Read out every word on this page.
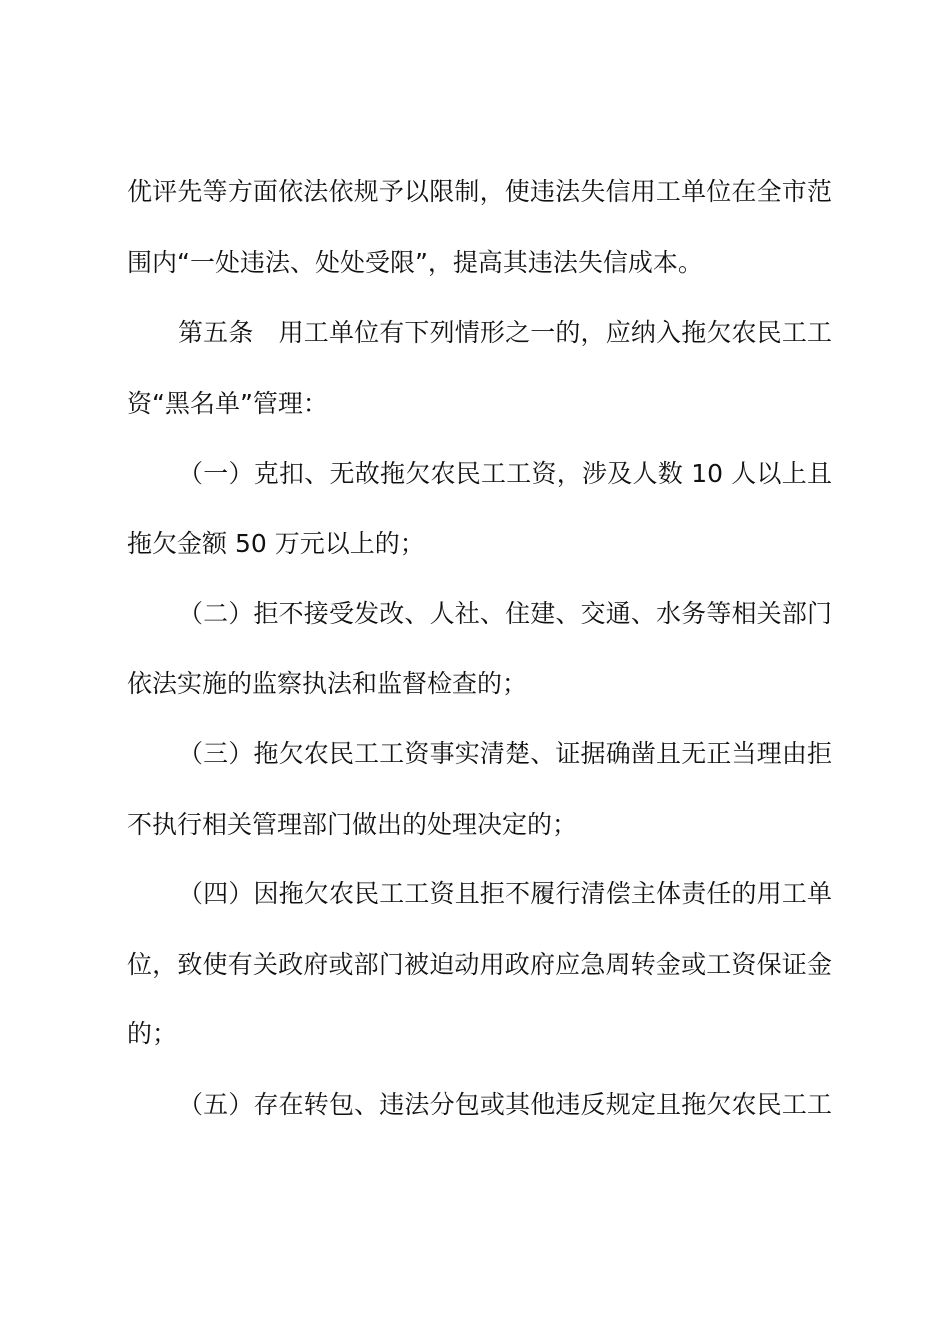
优评先等方面依法依规予以限制，使违法失信用工单位在全市范
围内“一处违法、处处受限”，提高其违法失信成本。
第五条　用工单位有下列情形之一的，应纳入拖欠农民工工
资“黑名单”管理：
（一）克扣、无故拖欠农民工工资，涉及人数 10 人以上且
拖欠金额 50 万元以上的；
（二）拒不接受发改、人社、住建、交通、水务等相关部门
依法实施的监察执法和监督检查的；
（三）拖欠农民工工资事实清楚、证据确凿且无正当理由拒
不执行相关管理部门做出的处理决定的；
（四）因拖欠农民工工资且拒不履行清偿主体责任的用工单
位，致使有关政府或部门被迫动用政府应急周转金或工资保证金
的；
（五）存在转包、违法分包或其他违反规定且拖欠农民工工
